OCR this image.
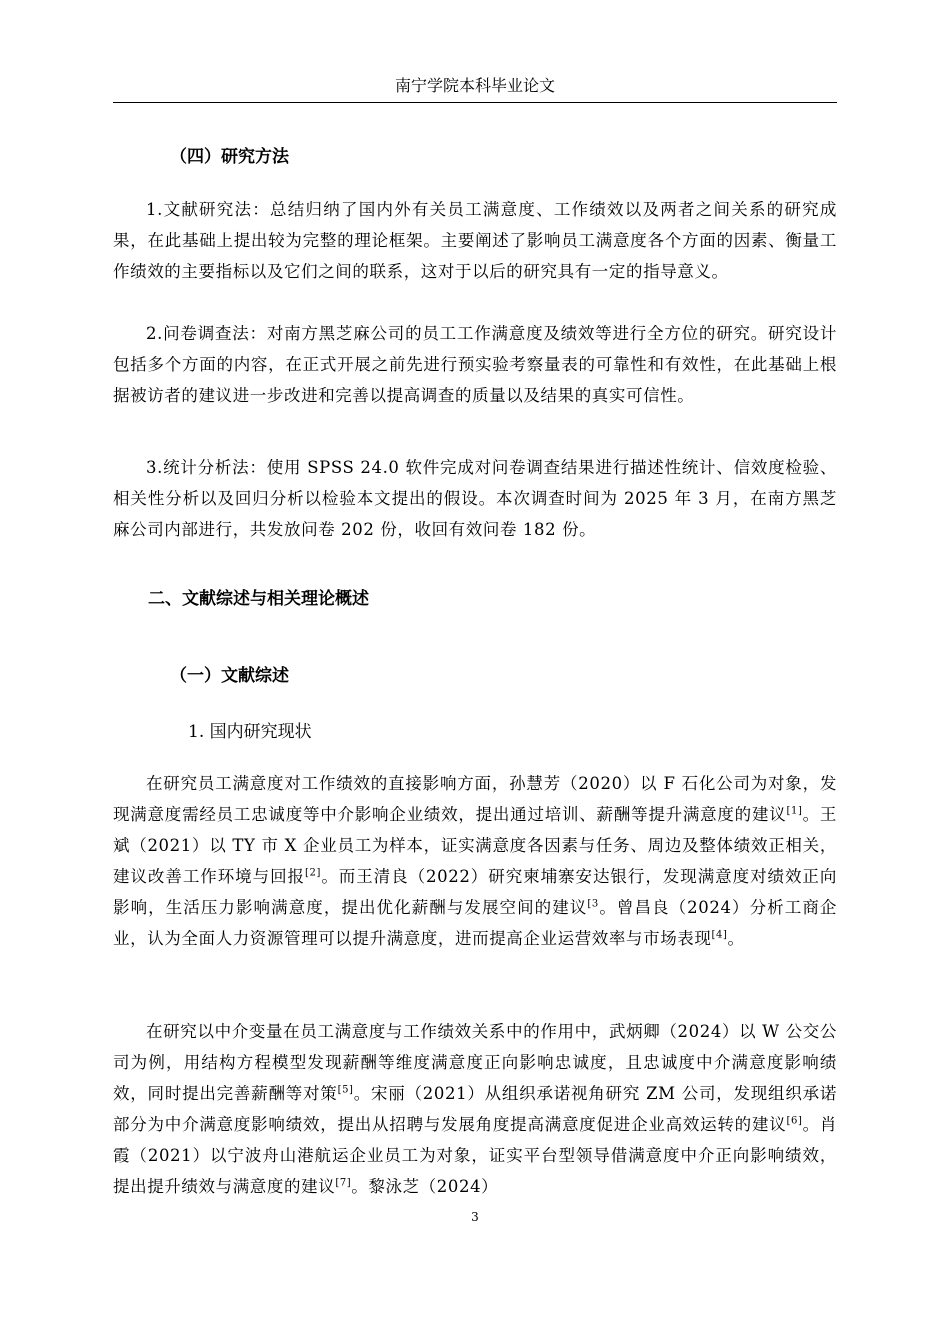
南宁学院本科毕业论文
（四）研究方法
1.文献研究法：总结归纳了国内外有关员工满意度、工作绩效以及两者之间关系的研究成果，在此基础上提出较为完整的理论框架。主要阐述了影响员工满意度各个方面的因素、衡量工作绩效的主要指标以及它们之间的联系，这对于以后的研究具有一定的指导意义。
2.问卷调查法：对南方黑芝麻公司的员工工作满意度及绩效等进行全方位的研究。研究设计包括多个方面的内容，在正式开展之前先进行预实验考察量表的可靠性和有效性，在此基础上根据被访者的建议进一步改进和完善以提高调查的质量以及结果的真实可信性。
3.统计分析法：使用 SPSS 24.0 软件完成对问卷调查结果进行描述性统计、信效度检验、相关性分析以及回归分析以检验本文提出的假设。本次调查时间为 2025 年 3 月，在南方黑芝麻公司内部进行，共发放问卷 202 份，收回有效问卷 182 份。
二、文献综述与相关理论概述
（一）文献综述
1. 国内研究现状
在研究员工满意度对工作绩效的直接影响方面，孙慧芳（2020）以 F 石化公司为对象，发现满意度需经员工忠诚度等中介影响企业绩效，提出通过培训、薪酬等提升满意度的建议[1]。王斌（2021）以 TY 市 X 企业员工为样本，证实满意度各因素与任务、周边及整体绩效正相关，建议改善工作环境与回报[2]。而王清良（2022）研究柬埔寨安达银行，发现满意度对绩效正向影响，生活压力影响满意度，提出优化薪酬与发展空间的建议$^{[3}$。曾昌良（2024）分析工商企业，认为全面人力资源管理可以提升满意度，进而提高企业运营效率与市场表现[4]。
在研究以中介变量在员工满意度与工作绩效关系中的作用中，武炳卿（2024）以 W 公交公司为例，用结构方程模型发现薪酬等维度满意度正向影响忠诚度，且忠诚度中介满意度影响绩效，同时提出完善薪酬等对策[5]。宋丽（2021）从组织承诺视角研究 ZM 公司，发现组织承诺部分为中介满意度影响绩效，提出从招聘与发展角度提高满意度促进企业高效运转的建议[6]。肖霞（2021）以宁波舟山港航运企业员工为对象，证实平台型领导借满意度中介正向影响绩效，提出提升绩效与满意度的建议[7]。黎泳芝（2024）
3
